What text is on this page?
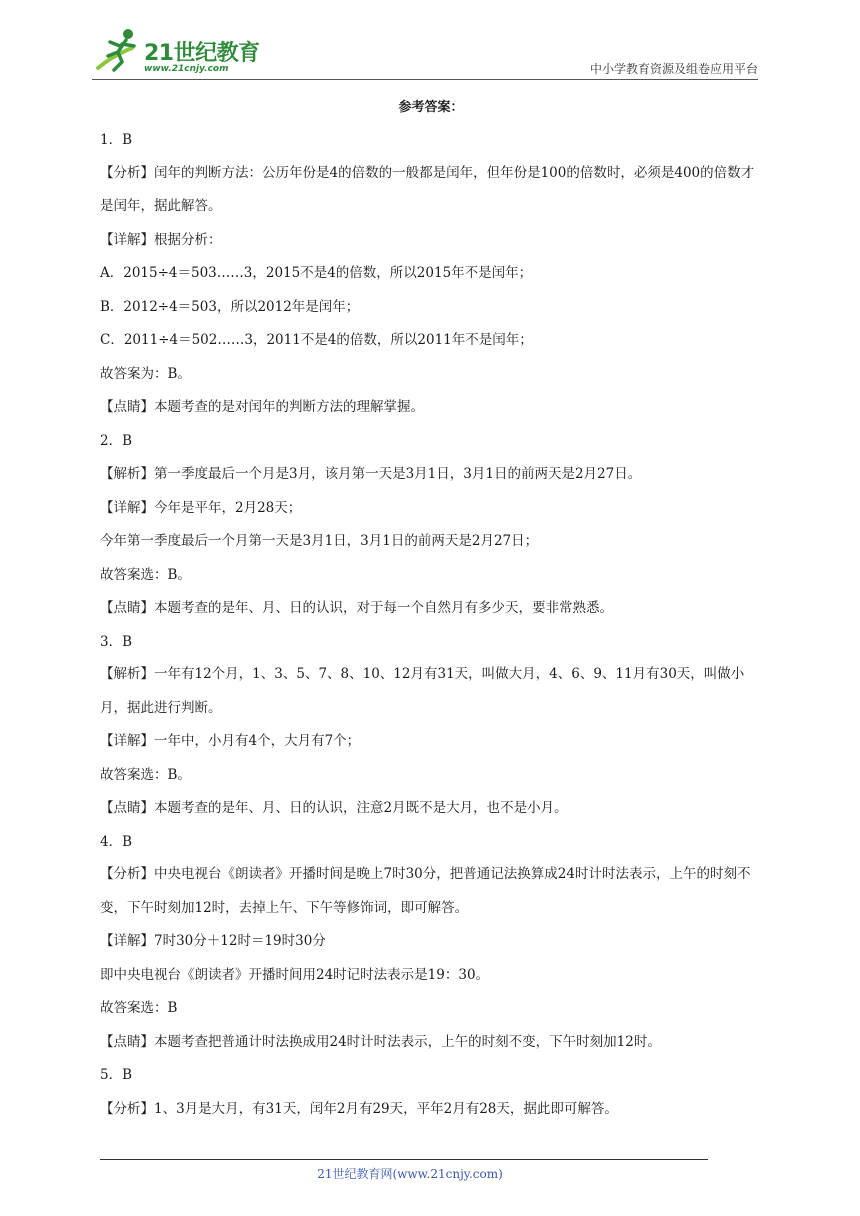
21世纪教育
www.21cnjy.com	中小学教育资源及组卷应用平台
参考答案：
1．B
【分析】闰年的判断方法：公历年份是4的倍数的一般都是闰年，但年份是100的倍数时，必须是400的倍数才是闰年，据此解答。
【详解】根据分析：
A．2015÷4＝503……3，2015不是4的倍数，所以2015年不是闰年；
B．2012÷4＝503，所以2012年是闰年；
C．2011÷4＝502……3，2011不是4的倍数，所以2011年不是闰年；
故答案为：B。
【点睛】本题考查的是对闰年的判断方法的理解掌握。
2．B
【解析】第一季度最后一个月是3月，该月第一天是3月1日，3月1日的前两天是2月27日。
【详解】今年是平年，2月28天；
今年第一季度最后一个月第一天是3月1日，3月1日的前两天是2月27日；
故答案选：B。
【点睛】本题考查的是年、月、日的认识，对于每一个自然月有多少天，要非常熟悉。
3．B
【解析】一年有12个月，1、3、5、7、8、10、12月有31天，叫做大月，4、6、9、11月有30天，叫做小月，据此进行判断。
【详解】一年中，小月有4个，大月有7个；
故答案选：B。
【点睛】本题考查的是年、月、日的认识，注意2月既不是大月，也不是小月。
4．B
【分析】中央电视台《朗读者》开播时间是晚上7时30分，把普通记法换算成24时计时法表示，上午的时刻不变，下午时刻加12时，去掉上午、下午等修饰词，即可解答。
【详解】7时30分＋12时＝19时30分
即中央电视台《朗读者》开播时间用24时记时法表示是19：30。
故答案选：B
【点睛】本题考查把普通计时法换成用24时计时法表示，上午的时刻不变，下午时刻加12时。
5．B
【分析】1、3月是大月，有31天，闰年2月有29天，平年2月有28天，据此即可解答。
21世纪教育网(www.21cnjy.com)
